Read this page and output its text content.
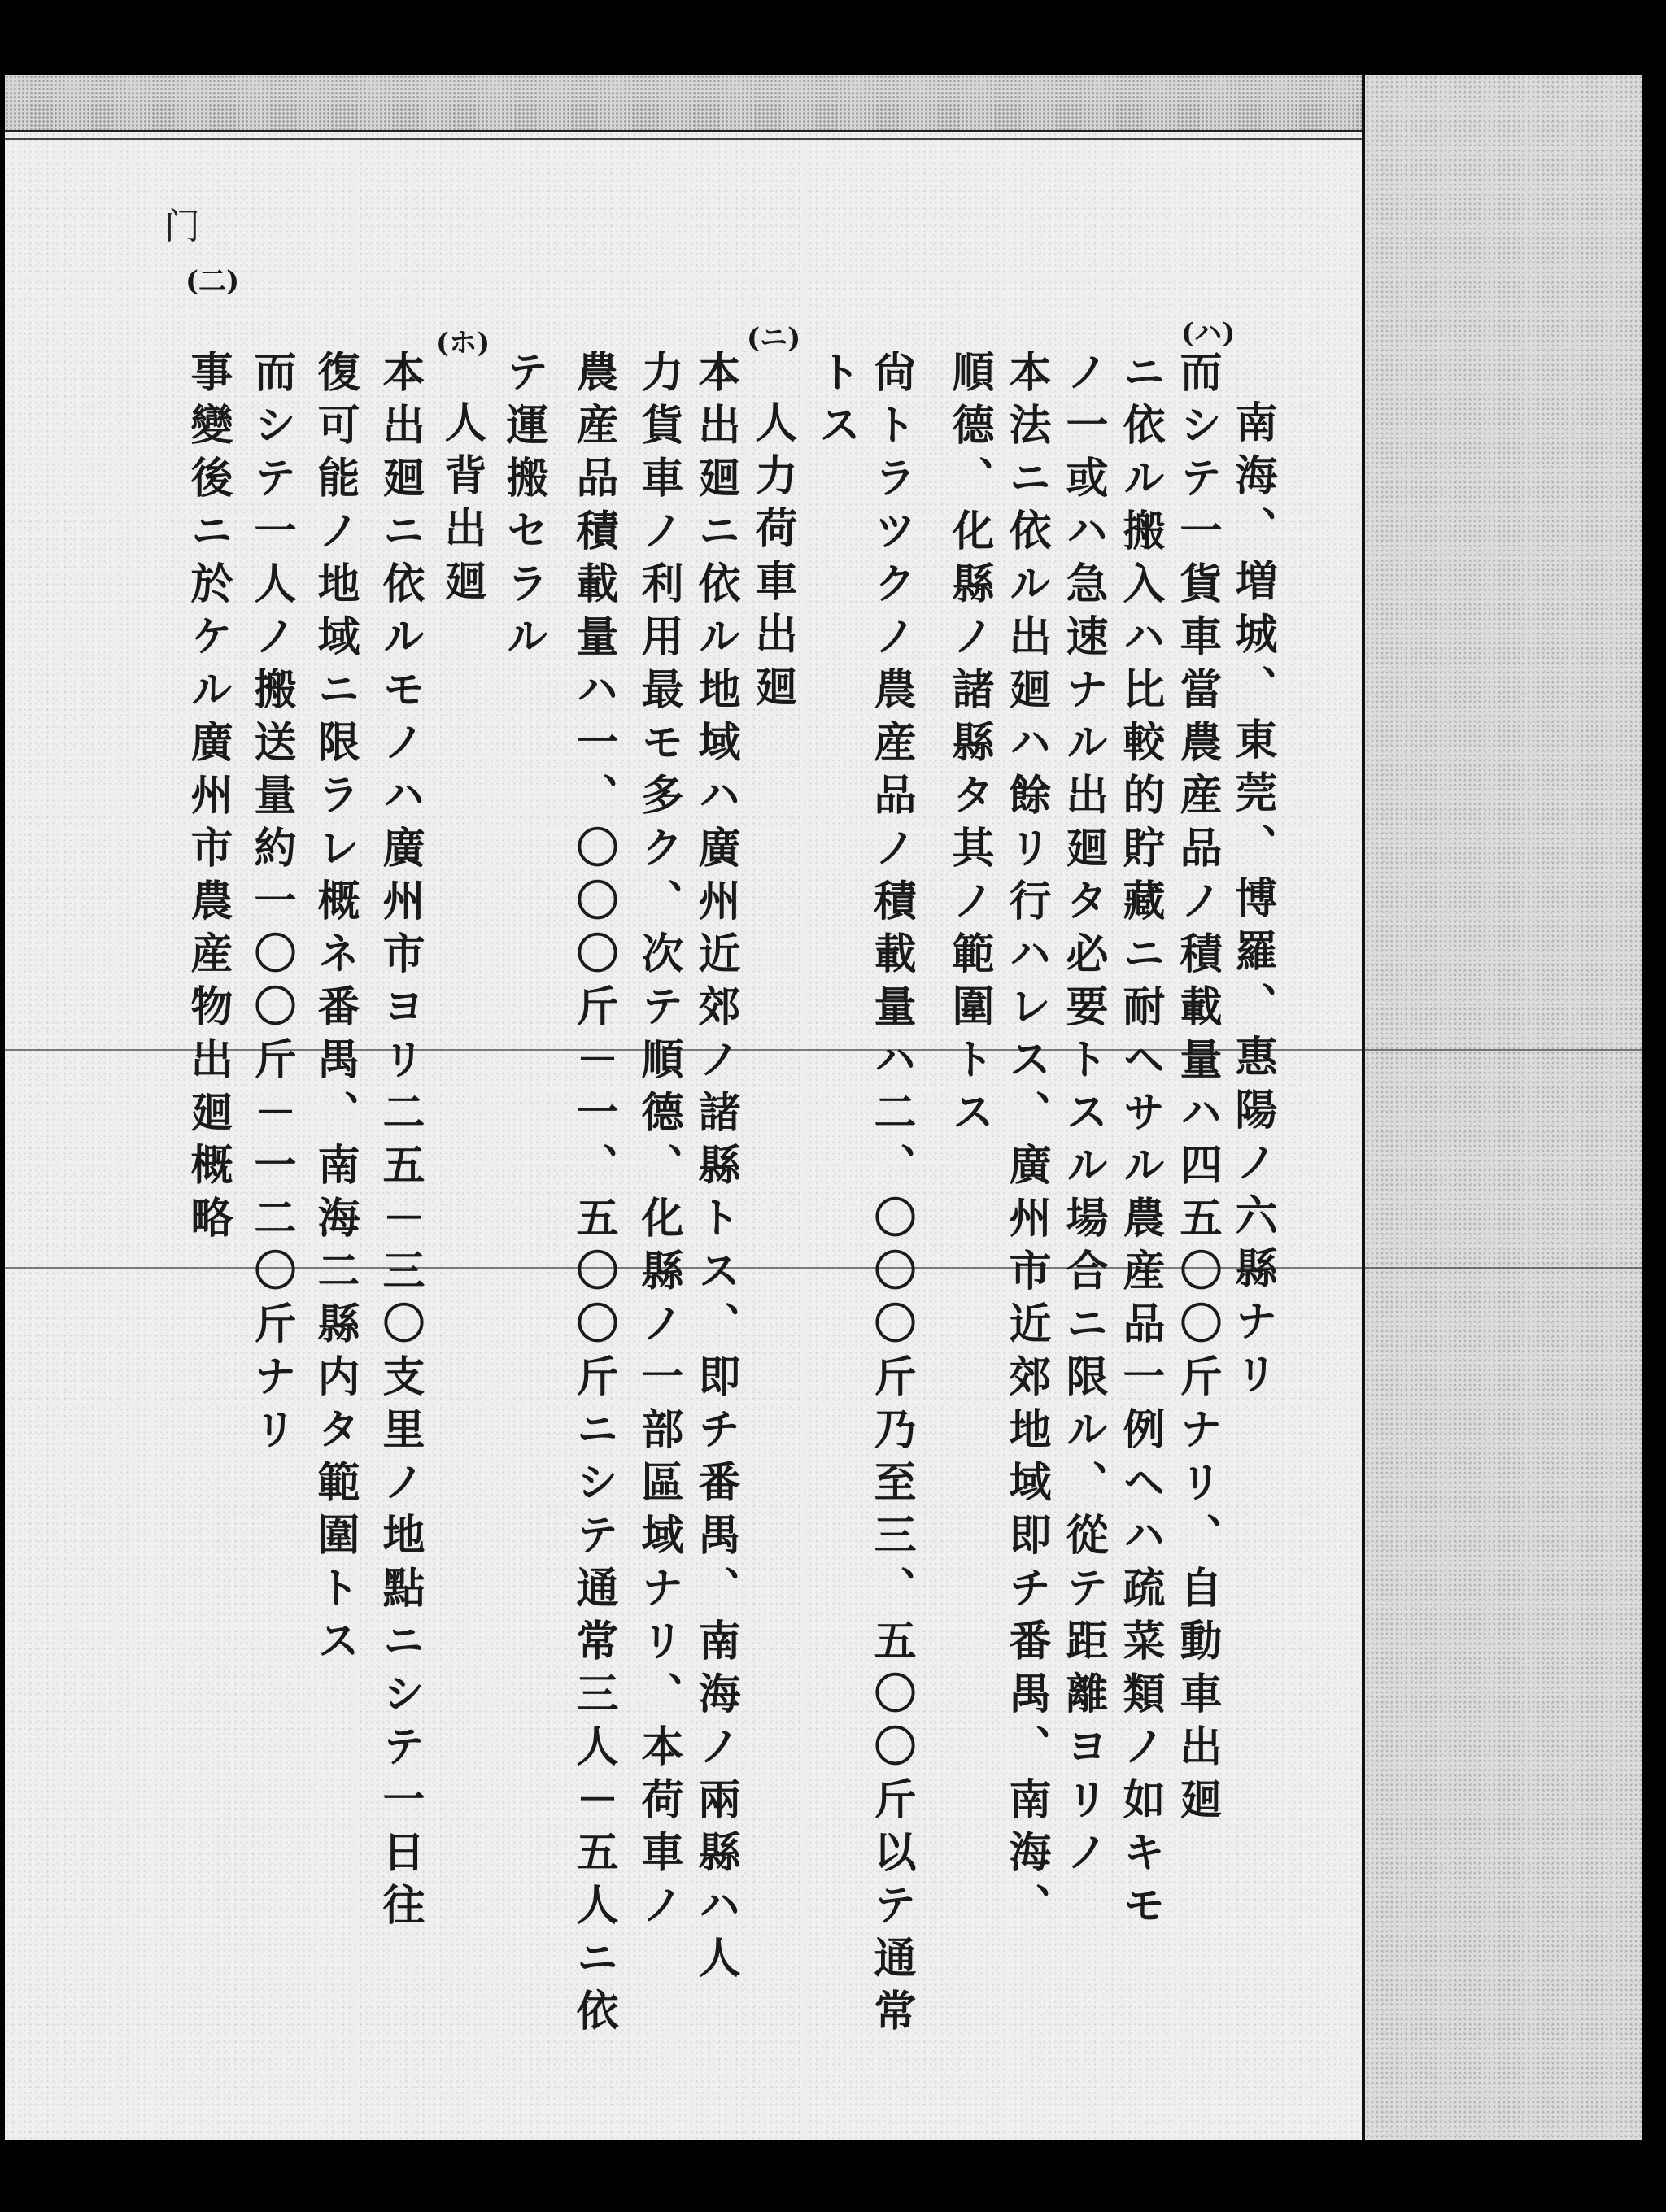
门
(二)
(ハ)
(ニ)
(ホ)
南海、増城、東莞、博羅、惠陽ノ六縣ナリ
而シテ一貨車當農産品ノ積載量ハ四五〇〇斤ナリ、自動車出廻
ニ依ル搬入ハ比較的貯藏ニ耐ヘサル農産品一例ヘハ疏菜類ノ如キモ
ノ一或ハ急速ナル出廻タ必要トスル場合ニ限ル、從テ距離ヨリノ
本法ニ依ル出廻ハ餘リ行ハレス、廣州市近郊地域即チ番禺、南海、
順德、化縣ノ諸縣タ其ノ範圍トス
尙トラツクノ農産品ノ積載量ハ二、〇〇〇斤乃至三、五〇〇斤以テ通常
トス
人力荷車出廻
本出廻ニ依ル地域ハ廣州近郊ノ諸縣トス、即チ番禺、南海ノ兩縣ハ人
力貨車ノ利用最モ多ク、次テ順德、化縣ノ一部區域ナリ、本荷車ノ
農産品積載量ハ一、〇〇〇斤－一、五〇〇斤ニシテ通常三人－五人ニ依
テ運搬セラル
人背出廻
本出廻ニ依ルモノハ廣州市ヨリ二五－三〇支里ノ地點ニシテ一日往
復可能ノ地域ニ限ラレ概ネ番禺、南海二縣内タ範圍トス
而シテ一人ノ搬送量約一〇〇斤－一二〇斤ナリ
事變後ニ於ケル廣州市農産物出廻概略
